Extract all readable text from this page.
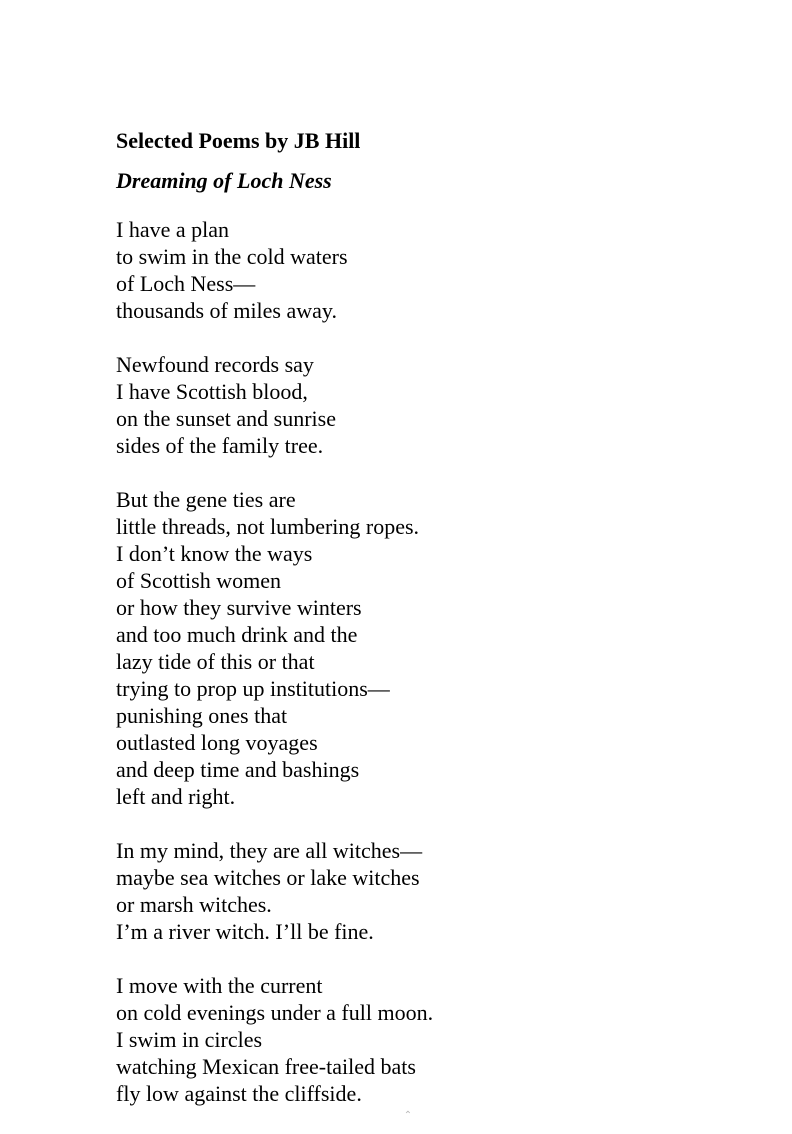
Selected Poems by JB Hill
Dreaming of Loch Ness
I have a plan
to swim in the cold waters
of Loch Ness—
thousands of miles away.
Newfound records say
I have Scottish blood,
on the sunset and sunrise
sides of the family tree.
But the gene ties are
little threads, not lumbering ropes.
I don’t know the ways
of Scottish women
or how they survive winters
and too much drink and the
lazy tide of this or that
trying to prop up institutions—
punishing ones that
outlasted long voyages
and deep time and bashings
left and right.
In my mind, they are all witches—
maybe sea witches or lake witches
or marsh witches.
I’m a river witch. I’ll be fine.
I move with the current
on cold evenings under a full moon.
I swim in circles
watching Mexican free-tailed bats
fly low against the cliffside.
⌃
